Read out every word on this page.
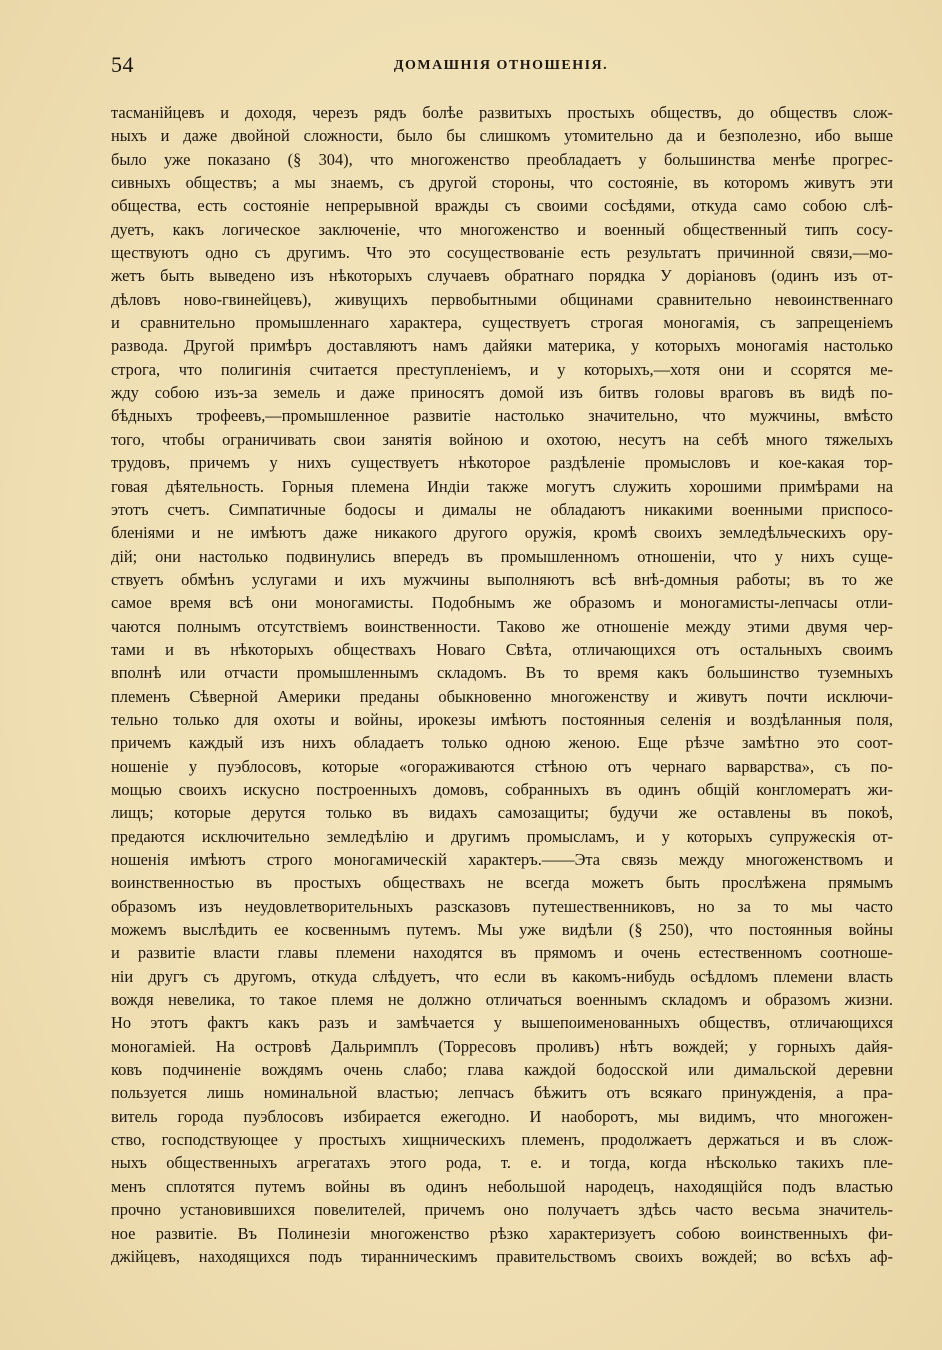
54	ДОМАШНІЯ ОТНОШЕНІЯ.
тасманійцевъ и доходя, черезъ рядъ болѣе развитыхъ простыхъ обществъ, до обществъ слож-
ныхъ и даже двойной сложности, было бы слишкомъ утомительно да и безполезно, ибо выше
было уже показано (§ 304), что многоженство преобладаетъ у большинства менѣе прогрес-
сивныхъ обществъ; а мы знаемъ, съ другой стороны, что состояніе, въ которомъ живутъ эти
общества, есть состояніе непрерывной вражды съ своими сосѣдями, откуда само собою слѣ-
дуетъ, какъ логическое заключеніе, что многоженство и военный общественный типъ сосу-
ществуютъ одно съ другимъ. Что это сосуществованіе есть результатъ причинной связи,—мо-
жетъ быть выведено изъ нѣкоторыхъ случаевъ обратнаго порядка У доріановъ (одинъ изъ от-
дѣловъ ново-гвинейцевъ), живущихъ первобытными общинами сравнительно невоинственнаго
и сравнительно промышленнаго характера, существуетъ строгая моногамія, съ запрещеніемъ
развода. Другой примѣръ доставляютъ намъ дайяки материка, у которыхъ моногамія настолько
строга, что полигинія считается преступленіемъ, и у которыхъ,—хотя они и ссорятся ме-
жду собою изъ-за земель и даже приносятъ домой изъ битвъ головы враговъ въ видѣ по-
бѣдныхъ трофеевъ,—промышленное развитіе настолько значительно, что мужчины, вмѣсто
того, чтобы ограничивать свои занятія войною и охотою, несутъ на себѣ много тяжелыхъ
трудовъ, причемъ у нихъ существуетъ нѣкоторое раздѣленіе промысловъ и кое-какая тор-
говая дѣятельность. Горныя племена Индіи также могутъ служить хорошими примѣрами на
этотъ счетъ. Симпатичные бодосы и дималы не обладаютъ никакими военными приспосо-
бленіями и не имѣютъ даже никакого другого оружія, кромѣ своихъ земледѣльческихъ ору-
дій; они настолько подвинулись впередъ въ промышленномъ отношеніи, что у нихъ суще-
ствуетъ обмѣнъ услугами и ихъ мужчины выполняютъ всѣ внѣ-домныя работы; въ то же
самое время всѣ они моногамисты. Подобнымъ же образомъ и моногамисты-лепчасы отли-
чаются полнымъ отсутствіемъ воинственности. Таково же отношеніе между этими двумя чер-
тами и въ нѣкоторыхъ обществахъ Новаго Свѣта, отличающихся отъ остальныхъ своимъ
вполнѣ или отчасти промышленнымъ складомъ. Въ то время какъ большинство туземныхъ
племенъ Сѣверной Америки преданы обыкновенно многоженству и живутъ почти исключи-
тельно только для охоты и войны, ирокезы имѣютъ постоянныя селенія и воздѣланныя поля,
причемъ каждый изъ нихъ обладаетъ только одною женою. Еще рѣзче замѣтно это соот-
ношеніе у пуэблосовъ, которые «огораживаются стѣною отъ чернаго варварства», съ по-
мощью своихъ искусно построенныхъ домовъ, собранныхъ въ одинъ общій конгломератъ жи-
лищъ; которые дерутся только въ видахъ самозащиты; будучи же оставлены въ покоѣ,
предаются исключительно земледѣлію и другимъ промысламъ, и у которыхъ супружескія от-
ношенія имѣютъ строго моногамическій характеръ.——Эта связь между многоженствомъ и
воинственностью въ простыхъ обществахъ не всегда можетъ быть прослѣжена прямымъ
образомъ изъ неудовлетворительныхъ разсказовъ путешественниковъ, но за то мы часто
можемъ выслѣдить ее косвеннымъ путемъ. Мы уже видѣли (§ 250), что постоянныя войны
и развитіе власти главы племени находятся въ прямомъ и очень естественномъ соотноше-
ніи другъ съ другомъ, откуда слѣдуетъ, что если въ какомъ-нибудь осѣдломъ племени власть
вождя невелика, то такое племя не должно отличаться военнымъ складомъ и образомъ жизни.
Но этотъ фактъ какъ разъ и замѣчается у вышепоименованныхъ обществъ, отличающихся
моногаміей. На островѣ Дальримплъ (Торресовъ проливъ) нѣтъ вождей; у горныхъ дайя-
ковъ подчиненіе вождямъ очень слабо; глава каждой бодосской или димальской деревни
пользуется лишь номинальной властью; лепчасъ бѣжитъ отъ всякаго принужденія, а пра-
витель города пуэблосовъ избирается ежегодно. И наоборотъ, мы видимъ, что многожен-
ство, господствующее у простыхъ хищническихъ племенъ, продолжаетъ держаться и въ слож-
ныхъ общественныхъ агрегатахъ этого рода, т. е. и тогда, когда нѣсколько такихъ пле-
менъ сплотятся путемъ войны въ одинъ небольшой народецъ, находящійся подъ властью
прочно установившихся повелителей, причемъ оно получаетъ здѣсь часто весьма значитель-
ное развитіе. Въ Полинезіи многоженство рѣзко характеризуетъ собою воинственныхъ фи-
джійцевъ, находящихся подъ тиранническимъ правительствомъ своихъ вождей; во всѣхъ аф-
